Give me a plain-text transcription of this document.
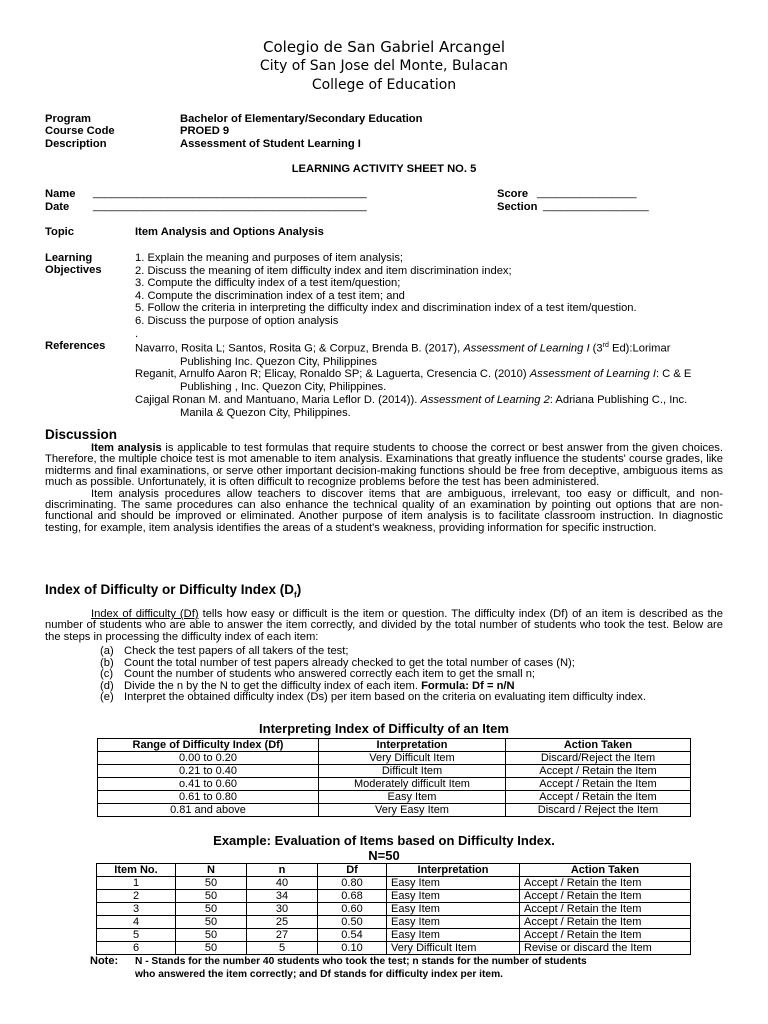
Colegio de San Gabriel Arcangel
City of San Jose del Monte, Bulacan
College of Education
Program	Bachelor of Elementary/Secondary Education
Course Code	PROED 9
Description	Assessment of Student Learning I
LEARNING ACTIVITY SHEET NO. 5
Name ____________________________________________
Date ____________________________________________
Score ________________
Section _________________
Topic	Item Analysis and Options Analysis
Learning
Objectives
1. Explain the meaning and purposes of item analysis;
2. Discuss the meaning of item difficulty index and item discrimination index;
3. Compute the difficulty index of a test item/question;
4. Compute the discrimination index of a test item; and
5. Follow the criteria in interpreting the difficulty index and discrimination index of a test item/question.
6. Discuss the purpose of option analysis
.
References	Navarro, Rosita L; Santos, Rosita G; & Corpuz, Brenda B. (2017), Assessment of Learning I (3rd Ed):Lorimar Publishing Inc. Quezon City, Philippines

Reganit, Arnulfo Aaron R; Elicay, Ronaldo SP; & Laguerta, Cresencia C. (2010) Assessment of Learning I: C & E Publishing , Inc. Quezon City, Philippines.

Cajigal Ronan M. and Mantuano, Maria Leflor D. (2014)). Assessment of Learning 2: Adriana Publishing C., Inc. Manila & Quezon City, Philippines.

Discussion

Item analysis is applicable to test formulas that require students to choose the correct or best answer from the given choices. Therefore, the multiple choice test is mot amenable to item analysis. Examinations that greatly influence the students' course grades, like midterms and final examinations, or serve other important decision-making functions should be free from deceptive, ambiguous items as much as possible. Unfortunately, it is often difficult to recognize problems before the test has been administered.

Item analysis procedures allow teachers to discover items that are ambiguous, irrelevant, too easy or difficult, and non-discriminating. The same procedures can also enhance the technical quality of an examination by pointing out options that are non-functional and should be improved or eliminated. Another purpose of item analysis is to facilitate classroom instruction. In diagnostic testing, for example, item analysis identifies the areas of a student's weakness, providing information for specific instruction.

Index of Difficulty or Difficulty Index $(D_f)$

Index of difficulty (Df) tells how easy or difficult is the item or question. The difficulty index (Df) of an item is described as the number of students who are able to answer the item correctly, and divided by the total number of students who took the test. Below are the steps in processing the difficulty index of each item:

(a) Check the test papers of all takers of the test;
(b) Count the total number of test papers already checked to get the total number of cases (N);
(c) Count the number of students who answered correctly each item to get the small n;
(d) Divide the n by the N to get the difficulty index of each item. Formula: Df = n/N
(e) Interpret the obtained difficulty index (Ds) per item based on the criteria on evaluating item difficulty index.
Interpreting Index of Difficulty of an Item
Range of Difficulty Index (Df)	Interpretation	Action Taken
0.00 to 0.20	Very Difficult Item	Discard/Reject the Item
0.21 to 0.40	Difficult Item	Accept / Retain the Item
o.41 to 0.60	Moderately difficult Item	Accept / Retain the Item
0.61 to 0.80	Easy Item	Accept / Retain the Item
0.81 and above	Very Easy Item	Discard / Reject the Item
Example: Evaluation of Items based on Difficulty Index.
N=50
Item No.	N	n	Df	Interpretation	Action Taken
1	50	40	0.80	Easy Item	Accept / Retain the Item
2	50	34	0.68	Easy Item	Accept / Retain the Item
3	50	30	0.60	Easy Item	Accept / Retain the Item
4	50	25	0.50	Easy Item	Accept / Retain the Item
5	50	27	0.54	Easy Item	Accept / Retain the Item
6	50	5	0.10	Very Difficult Item	Revise or discard the Item
Note: N - Stands for the number 40 students who took the test; n stands for the number of students
who answered the item correctly; and Df stands for difficulty index per item.
